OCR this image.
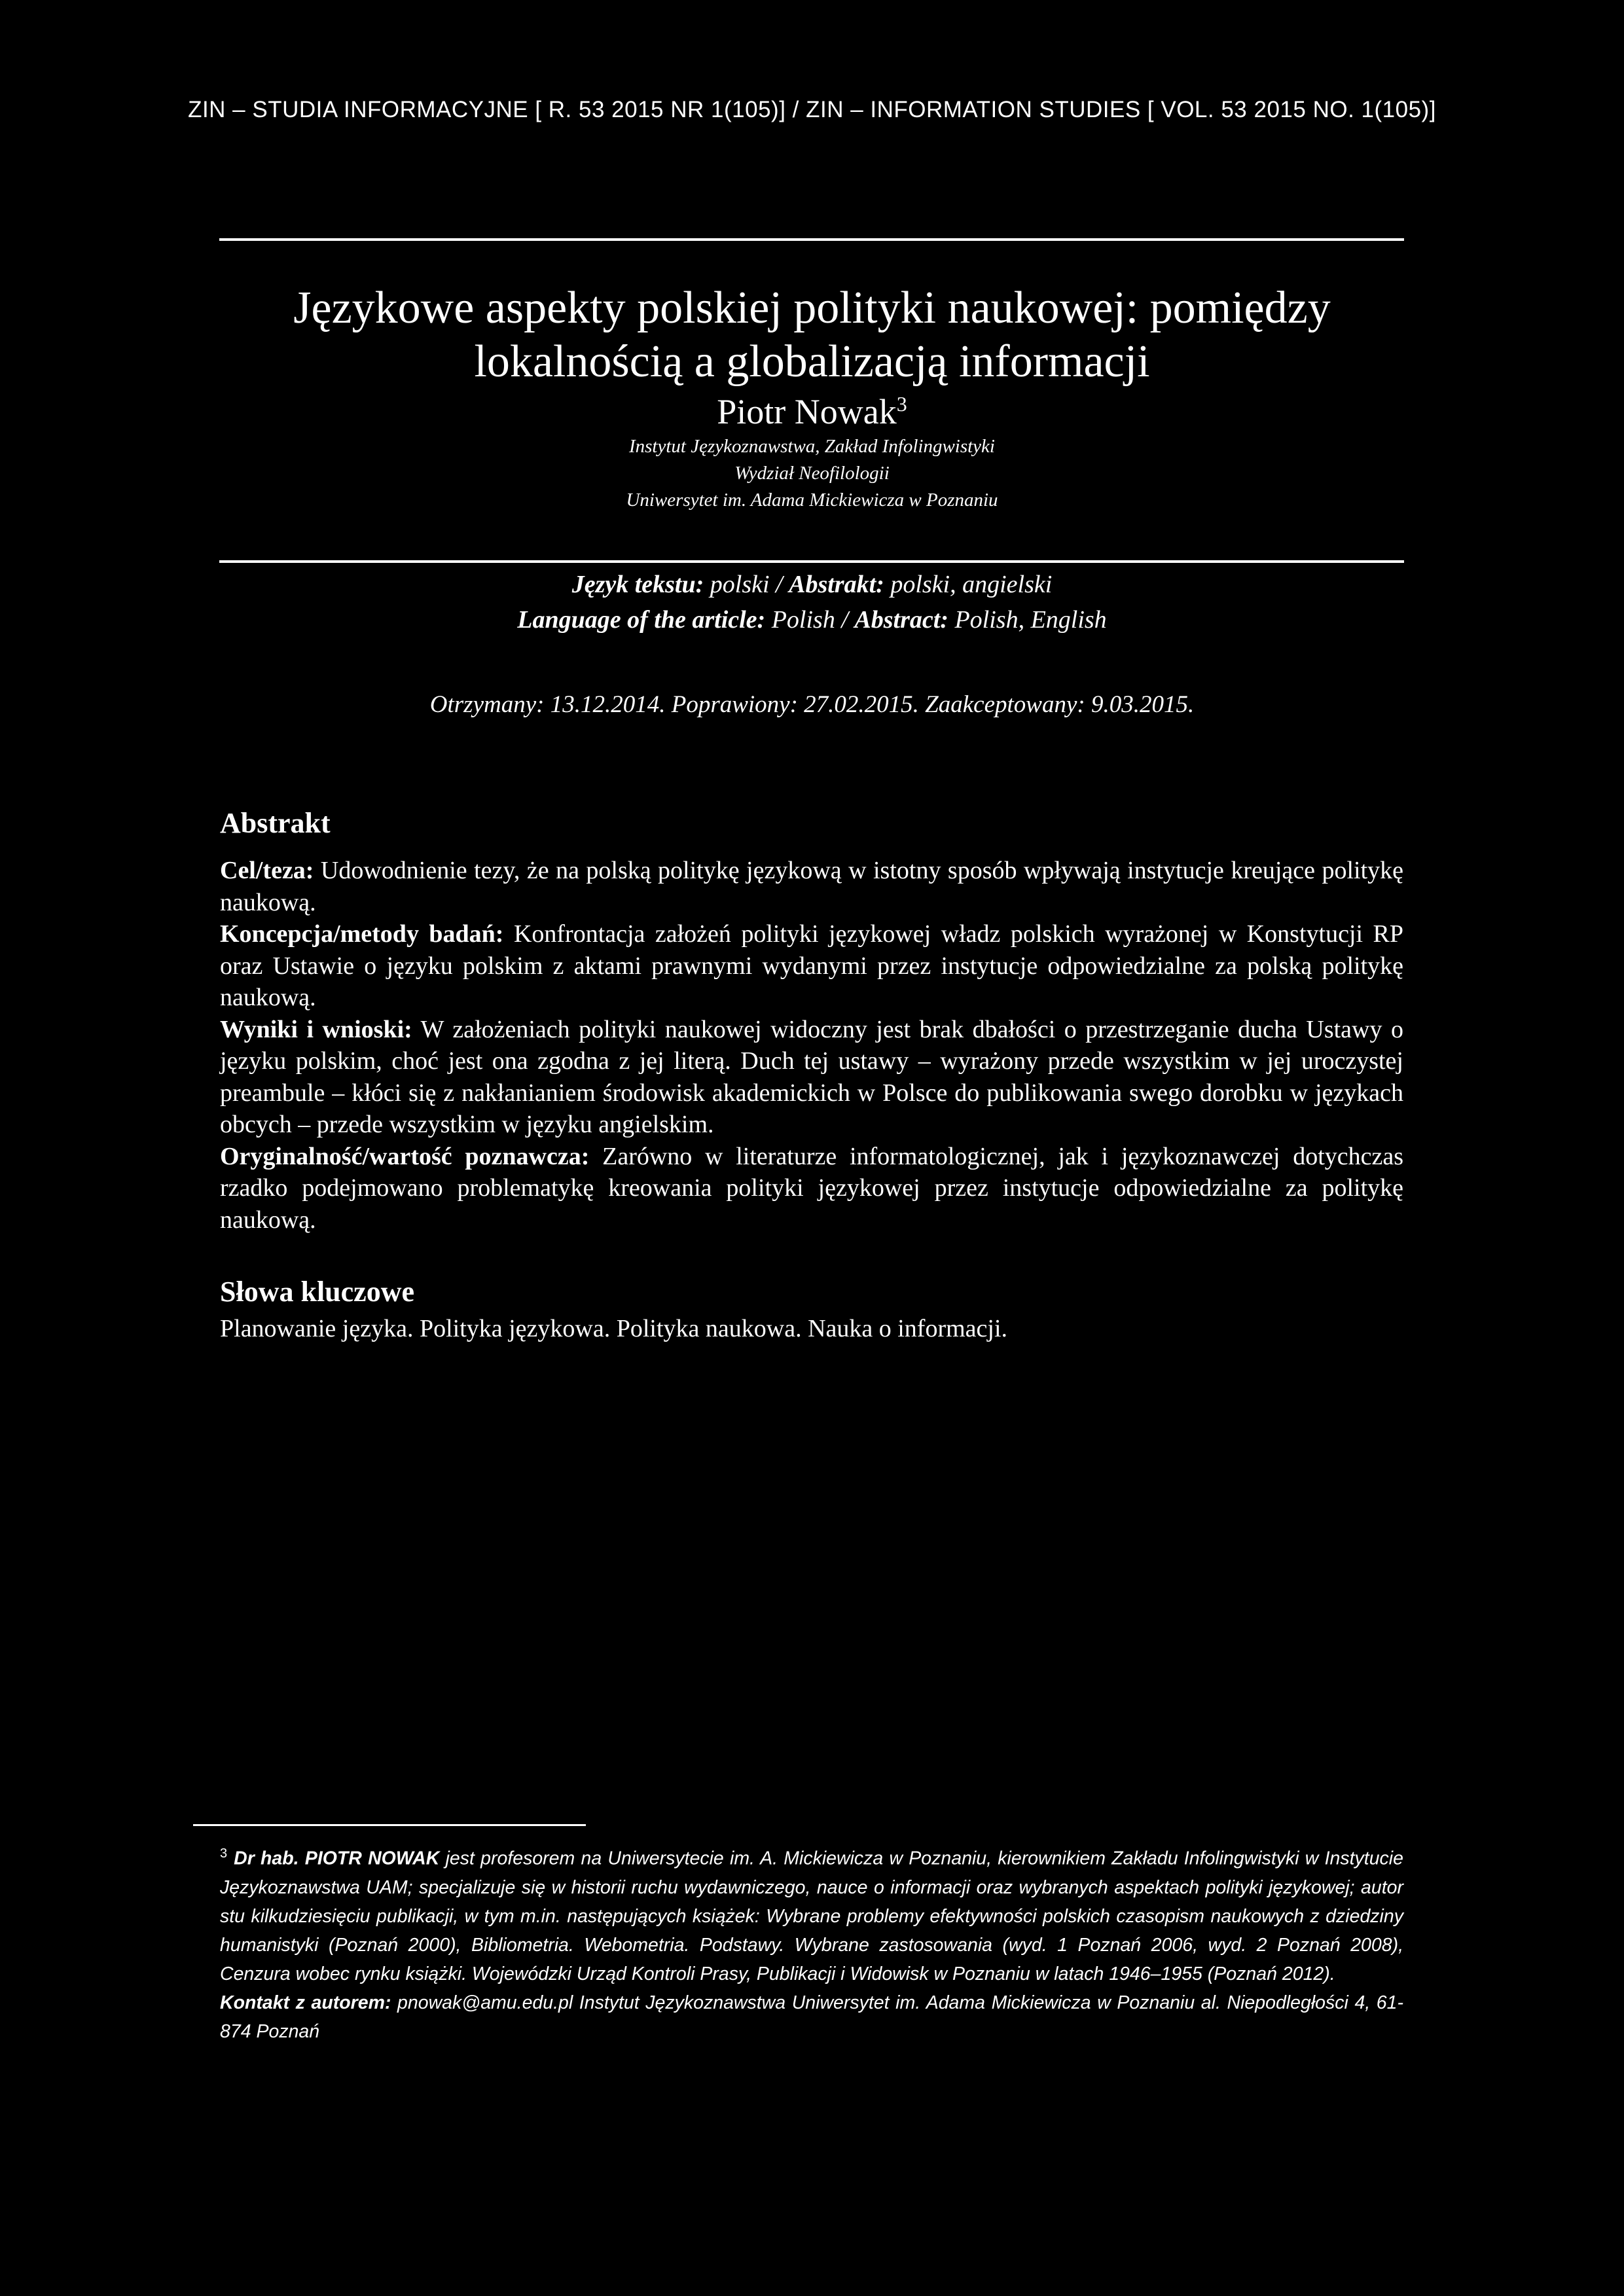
ZIN – STUDIA INFORMACYJNE [ R. 53 2015 NR 1(105)] / ZIN – INFORMATION STUDIES [ VOL. 53 2015 NO. 1(105)]
Językowe aspekty polskiej polityki naukowej: pomiędzy lokalnością a globalizacją informacji
Piotr Nowak$^3$
Instytut Językoznawstwa, Zakład Infolingwistyki
Wydział Neofilologii
Uniwersytet im. Adama Mickiewicza w Poznaniu
Język tekstu: polski / Abstrakt: polski, angielski
Language of the article: Polish / Abstract: Polish, English
Otrzymany: 13.12.2014. Poprawiony: 27.02.2015. Zaakceptowany: 9.03.2015.
Abstrakt

Cel/teza: Udowodnienie tezy, że na polską politykę językową w istotny sposób wpływają instytucje kreujące politykę naukową.

Koncepcja/metody badań: Konfrontacja założeń polityki językowej władz polskich wyrażonej w Konstytucji RP oraz Ustawie o języku polskim z aktami prawnymi wydanymi przez instytucje odpowiedzialne za polską politykę naukową.

Wyniki i wnioski: W założeniach polityki naukowej widoczny jest brak dbałości o przestrzeganie ducha Ustawy o języku polskim, choć jest ona zgodna z jej literą. Duch tej ustawy – wyrażony przede wszystkim w jej uroczystej preambule – kłóci się z nakłanianiem środowisk akademickich w Polsce do publikowania swego dorobku w językach obcych – przede wszystkim w języku angielskim.

Oryginalność/wartość poznawcza: Zarówno w literaturze informatologicznej, jak i językoznawczej dotychczas rzadko podejmowano problematykę kreowania polityki językowej przez instytucje odpowiedzialne za politykę naukową.

Słowa kluczowe

Planowanie języka. Polityka językowa. Polityka naukowa. Nauka o informacji.

$^3$ Dr hab. PIOTR NOWAK jest profesorem na Uniwersytecie im. A. Mickiewicza w Poznaniu, kierownikiem Zakładu Infolingwistyki w Instytucie Językoznawstwa UAM; specjalizuje się w historii ruchu wydawniczego, nauce o informacji oraz wybranych aspektach polityki językowej; autor stu kilkudziesięciu publikacji, w tym m.in. następujących książek: Wybrane problemy efektywności polskich czasopism naukowych z dziedziny humanistyki (Poznań 2000), Bibliometria. Webometria. Podstawy. Wybrane zastosowania (wyd. 1 Poznań 2006, wyd. 2 Poznań 2008), Cenzura wobec rynku książki. Wojewódzki Urząd Kontroli Prasy, Publikacji i Widowisk w Poznaniu w latach 1946–1955 (Poznań 2012).

Kontakt z autorem: pnowak@amu.edu.pl Instytut Językoznawstwa Uniwersytet im. Adama Mickiewicza w Poznaniu al. Niepodległości 4, 61-874 Poznań
